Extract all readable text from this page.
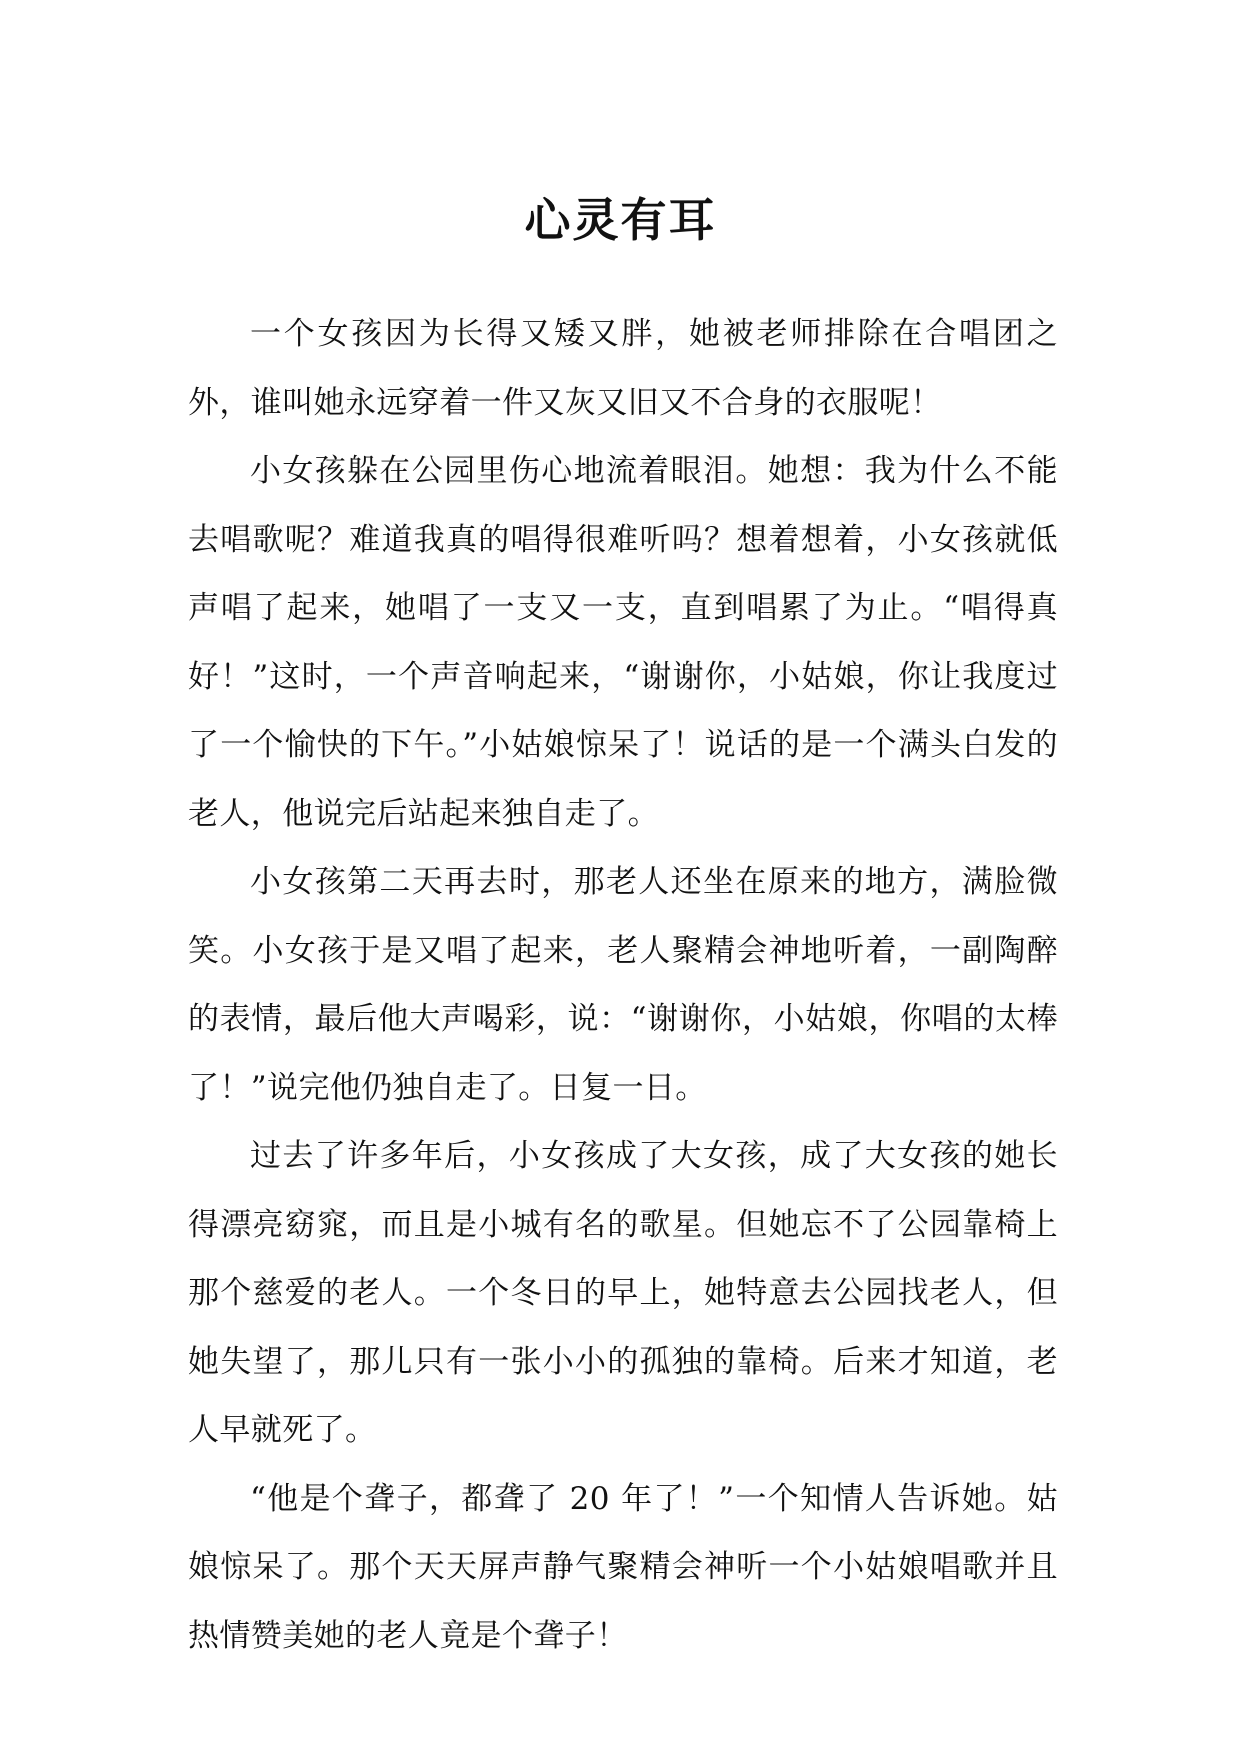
心灵有耳

一个女孩因为长得又矮又胖，她被老师排除在合唱团之外，谁叫她永远穿着一件又灰又旧又不合身的衣服呢！

小女孩躲在公园里伤心地流着眼泪。她想：我为什么不能去唱歌呢？难道我真的唱得很难听吗？想着想着，小女孩就低声唱了起来，她唱了一支又一支，直到唱累了为止。“唱得真好！”这时，一个声音响起来，“谢谢你，小姑娘，你让我度过了一个愉快的下午。”小姑娘惊呆了！说话的是一个满头白发的老人，他说完后站起来独自走了。

小女孩第二天再去时，那老人还坐在原来的地方，满脸微笑。小女孩于是又唱了起来，老人聚精会神地听着，一副陶醉的表情，最后他大声喝彩，说：“谢谢你，小姑娘，你唱的太棒了！”说完他仍独自走了。日复一日。

过去了许多年后，小女孩成了大女孩，成了大女孩的她长得漂亮窈窕，而且是小城有名的歌星。但她忘不了公园靠椅上那个慈爱的老人。一个冬日的早上，她特意去公园找老人，但她失望了，那儿只有一张小小的孤独的靠椅。后来才知道，老人早就死了。

“他是个聋子，都聋了 20 年了！”一个知情人告诉她。姑娘惊呆了。那个天天屏声静气聚精会神听一个小姑娘唱歌并且热情赞美她的老人竟是个聋子！
